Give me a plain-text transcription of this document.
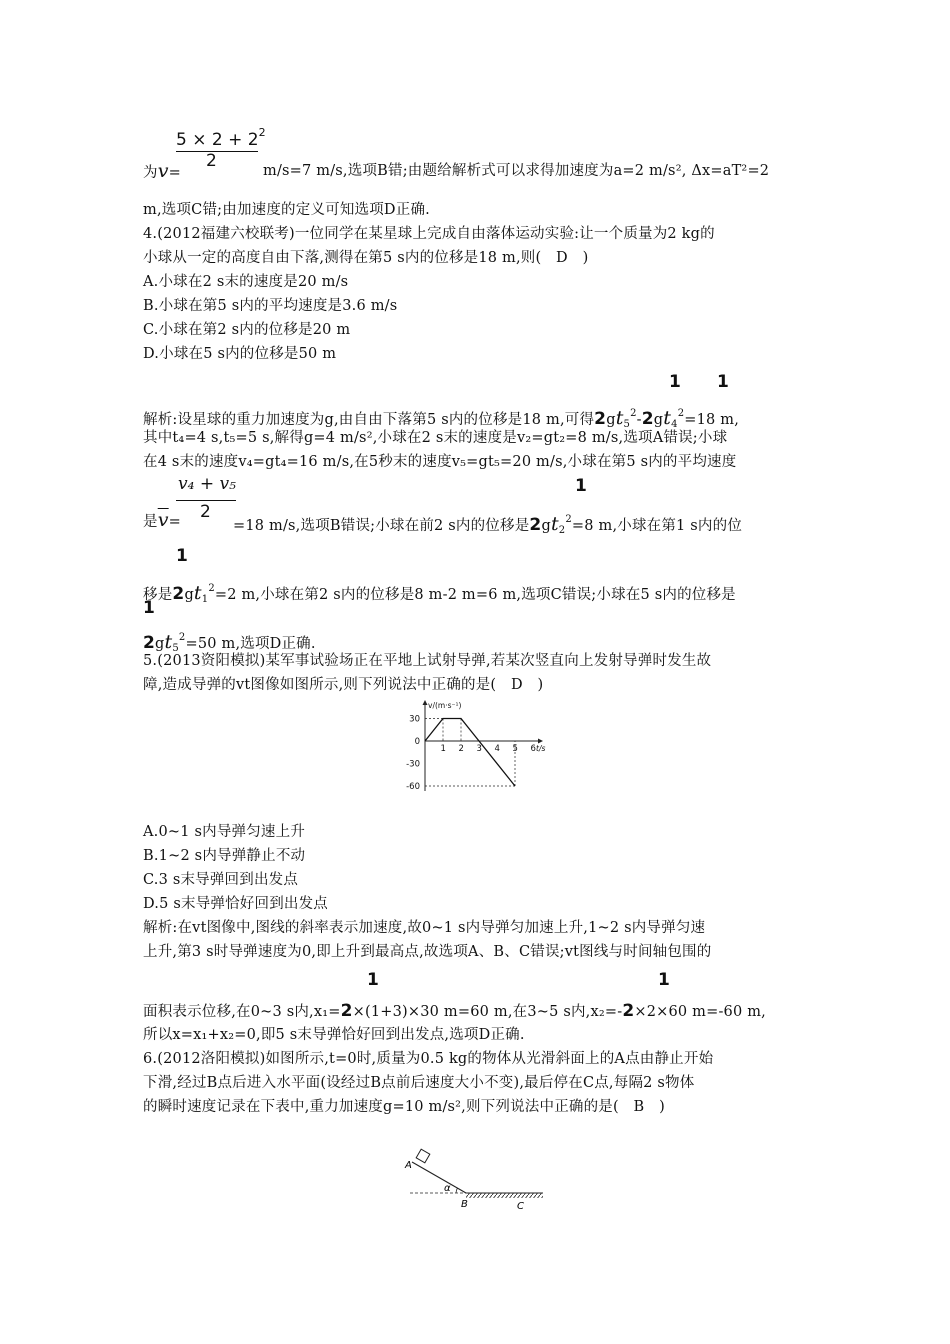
$5 \times 2 + 2^2$
2
为v=	m/s=7 m/s,选项B错;由题给解析式可以求得加速度为a=2 m/s², Δx=aT²=2
m,选项C错;由加速度的定义可知选项D正确.
4.(2012福建六校联考)一位同学在某星球上完成自由落体运动实验:让一个质量为2 kg的
小球从一定的高度自由下落,测得在第5 s内的位移是18 m,则(　D　)
A.小球在2 s末的速度是20 m/s
B.小球在第5 s内的平均速度是3.6 m/s
C.小球在第2 s内的位移是20 m
D.小球在5 s内的位移是50 m
1 1
解析:设星球的重力加速度为g,由自由下落第5 s内的位移是18 m,可得$2gt_5^2-2gt_4^2=18$ m,
其中t₄=4 s,t₅=5 s,解得g=4 m/s²,小球在2 s末的速度是v₂=gt₂=8 m/s,选项A错误;小球
在4 s末的速度v₄=gt₄=16 m/s,在5秒末的速度v₅=gt₅=20 m/s,小球在第5 s内的平均速度
v₄ + v₅
2
1
是$\overline{v}=$	=18 m/s,选项B错误;小球在前2 s内的位移是$2gt_2^2=8$ m,小球在第1 s内的位
1
移是$2gt_1^2=2$ m,小球在第2 s内的位移是8 m-2 m=6 m,选项C错误;小球在5 s内的位移是
1
$2gt_5^2=50$ m,选项D正确.
5.(2013资阳模拟)某军事试验场正在平地上试射导弹,若某次竖直向上发射导弹时发生故
障,造成导弹的vt图像如图所示,则下列说法中正确的是(　D　)
1 2 3 4 5 6
30
0
-30
-60
v/(m·s⁻¹)
t/s
A.0~1 s内导弹匀速上升
B.1~2 s内导弹静止不动
C.3 s末导弹回到出发点
D.5 s末导弹恰好回到出发点
解析:在vt图像中,图线的斜率表示加速度,故0~1 s内导弹匀加速上升,1~2 s内导弹匀速
上升,第3 s时导弹速度为0,即上升到最高点,故选项A、B、C错误;vt图线与时间轴包围的
1	1
面积表示位移,在0~3 s内,x₁=2×(1+3)×30 m=60 m,在3~5 s内,x₂=-2×2×60 m=-60 m,
所以x=x₁+x₂=0,即5 s末导弹恰好回到出发点,选项D正确.
6.(2012洛阳模拟)如图所示,t=0时,质量为0.5 kg的物体从光滑斜面上的A点由静止开始
下滑,经过B点后进入水平面(设经过B点前后速度大小不变),最后停在C点,每隔2 s物体
的瞬时速度记录在下表中,重力加速度g=10 m/s²,则下列说法中正确的是(　B　)
A
α
B	C
